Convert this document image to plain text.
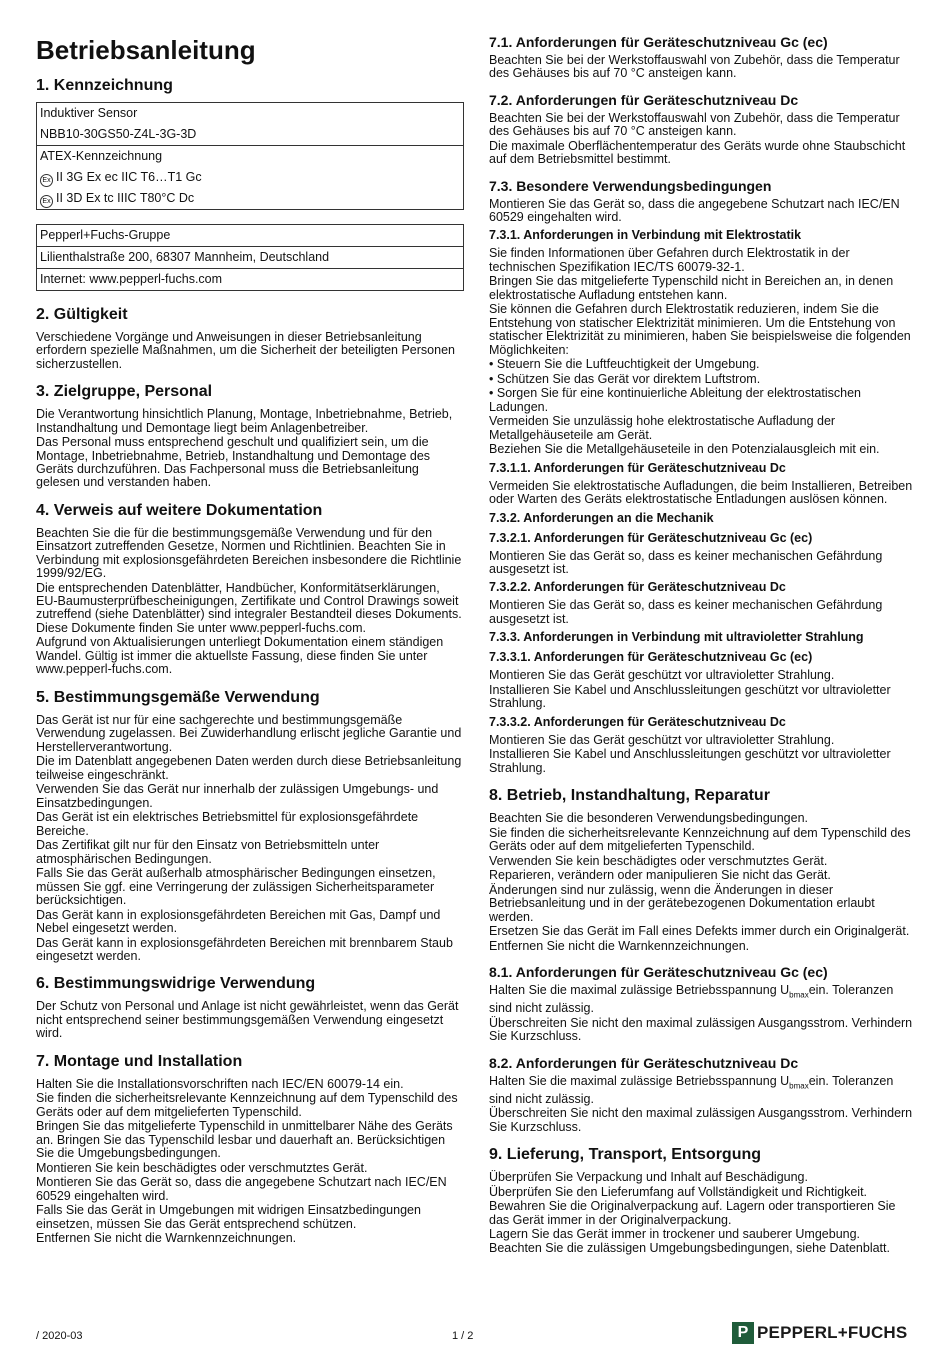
Betriebsanleitung
1. Kennzeichnung
Induktiver Sensor
NBB10-30GS50-Z4L-3G-3D
ATEX-Kennzeichnung
Ex II 3G Ex ec IIC T6…T1 Gc
Ex II 3D Ex tc IIIC T80°C Dc
Pepperl+Fuchs-Gruppe
Lilienthalstraße 200, 68307 Mannheim, Deutschland
Internet: www.pepperl-fuchs.com
2. Gültigkeit

Verschiedene Vorgänge und Anweisungen in dieser Betriebsanleitung erfordern spezielle Maßnahmen, um die Sicherheit der beteiligten Personen sicherzustellen.

3. Zielgruppe, Personal

Die Verantwortung hinsichtlich Planung, Montage, Inbetriebnahme, Betrieb, Instandhaltung und Demontage liegt beim Anlagenbetreiber.

Das Personal muss entsprechend geschult und qualifiziert sein, um die Montage, Inbetriebnahme, Betrieb, Instandhaltung und Demontage des Geräts durchzuführen. Das Fachpersonal muss die Betriebsanleitung gelesen und verstanden haben.

4. Verweis auf weitere Dokumentation

Beachten Sie die für die bestimmungsgemäße Verwendung und für den Einsatzort zutreffenden Gesetze, Normen und Richtlinien. Beachten Sie in Verbindung mit explosionsgefährdeten Bereichen insbesondere die Richtlinie 1999/92/EG.

Die entsprechenden Datenblätter, Handbücher, Konformitätserklärungen, EU-Baumusterprüfbescheinigungen, Zertifikate und Control Drawings soweit zutreffend (siehe Datenblätter) sind integraler Bestandteil dieses Dokuments. Diese Dokumente finden Sie unter www.pepperl-fuchs.com.

Aufgrund von Aktualisierungen unterliegt Dokumentation einem ständigen Wandel. Gültig ist immer die aktuellste Fassung, diese finden Sie unter www.pepperl-fuchs.com.

5. Bestimmungsgemäße Verwendung

Das Gerät ist nur für eine sachgerechte und bestimmungsgemäße Verwendung zugelassen. Bei Zuwiderhandlung erlischt jegliche Garantie und Herstellerverantwortung.

Die im Datenblatt angegebenen Daten werden durch diese Betriebsanleitung teilweise eingeschränkt.

Verwenden Sie das Gerät nur innerhalb der zulässigen Umgebungs- und Einsatzbedingungen.

Das Gerät ist ein elektrisches Betriebsmittel für explosionsgefährdete Bereiche.

Das Zertifikat gilt nur für den Einsatz von Betriebsmitteln unter atmosphärischen Bedingungen.

Falls Sie das Gerät außerhalb atmosphärischer Bedingungen einsetzen, müssen Sie ggf. eine Verringerung der zulässigen Sicherheitsparameter berücksichtigen.

Das Gerät kann in explosionsgefährdeten Bereichen mit Gas, Dampf und Nebel eingesetzt werden.

Das Gerät kann in explosionsgefährdeten Bereichen mit brennbarem Staub eingesetzt werden.

6. Bestimmungswidrige Verwendung

Der Schutz von Personal und Anlage ist nicht gewährleistet, wenn das Gerät nicht entsprechend seiner bestimmungsgemäßen Verwendung eingesetzt wird.

7. Montage und Installation

Halten Sie die Installationsvorschriften nach IEC/EN 60079-14 ein.

Sie finden die sicherheitsrelevante Kennzeichnung auf dem Typenschild des Geräts oder auf dem mitgelieferten Typenschild.

Bringen Sie das mitgelieferte Typenschild in unmittelbarer Nähe des Geräts an. Bringen Sie das Typenschild lesbar und dauerhaft an. Berücksichtigen Sie die Umgebungsbedingungen.

Montieren Sie kein beschädigtes oder verschmutztes Gerät.

Montieren Sie das Gerät so, dass die angegebene Schutzart nach IEC/EN 60529 eingehalten wird.

Falls Sie das Gerät in Umgebungen mit widrigen Einsatzbedingungen einsetzen, müssen Sie das Gerät entsprechend schützen.

Entfernen Sie nicht die Warnkennzeichnungen.

7.1. Anforderungen für Geräteschutzniveau Gc (ec)

Beachten Sie bei der Werkstoffauswahl von Zubehör, dass die Temperatur des Gehäuses bis auf 70 °C ansteigen kann.

7.2. Anforderungen für Geräteschutzniveau Dc

Beachten Sie bei der Werkstoffauswahl von Zubehör, dass die Temperatur des Gehäuses bis auf 70 °C ansteigen kann.

Die maximale Oberflächentemperatur des Geräts wurde ohne Staubschicht auf dem Betriebsmittel bestimmt.

7.3. Besondere Verwendungsbedingungen

Montieren Sie das Gerät so, dass die angegebene Schutzart nach IEC/EN 60529 eingehalten wird.

7.3.1. Anforderungen in Verbindung mit Elektrostatik

Sie finden Informationen über Gefahren durch Elektrostatik in der technischen Spezifikation IEC/TS 60079-32-1.

Bringen Sie das mitgelieferte Typenschild nicht in Bereichen an, in denen elektrostatische Aufladung entstehen kann.

Sie können die Gefahren durch Elektrostatik reduzieren, indem Sie die Entstehung von statischer Elektrizität minimieren. Um die Entstehung von statischer Elektrizität zu minimieren, haben Sie beispielsweise die folgenden Möglichkeiten:

• Steuern Sie die Luftfeuchtigkeit der Umgebung.

• Schützen Sie das Gerät vor direktem Luftstrom.

• Sorgen Sie für eine kontinuierliche Ableitung der elektrostatischen Ladungen.

Vermeiden Sie unzulässig hohe elektrostatische Aufladung der Metallgehäuseteile am Gerät.

Beziehen Sie die Metallgehäuseteile in den Potenzialausgleich mit ein.

7.3.1.1. Anforderungen für Geräteschutzniveau Dc

Vermeiden Sie elektrostatische Aufladungen, die beim Installieren, Betreiben oder Warten des Geräts elektrostatische Entladungen auslösen können.

7.3.2. Anforderungen an die Mechanik
7.3.2.1. Anforderungen für Geräteschutzniveau Gc (ec)

Montieren Sie das Gerät so, dass es keiner mechanischen Gefährdung ausgesetzt ist.

7.3.2.2. Anforderungen für Geräteschutzniveau Dc

Montieren Sie das Gerät so, dass es keiner mechanischen Gefährdung ausgesetzt ist.

7.3.3. Anforderungen in Verbindung mit ultravioletter Strahlung
7.3.3.1. Anforderungen für Geräteschutzniveau Gc (ec)

Montieren Sie das Gerät geschützt vor ultravioletter Strahlung.

Installieren Sie Kabel und Anschlussleitungen geschützt vor ultravioletter Strahlung.

7.3.3.2. Anforderungen für Geräteschutzniveau Dc

Montieren Sie das Gerät geschützt vor ultravioletter Strahlung.

Installieren Sie Kabel und Anschlussleitungen geschützt vor ultravioletter Strahlung.

8. Betrieb, Instandhaltung, Reparatur

Beachten Sie die besonderen Verwendungsbedingungen.

Sie finden die sicherheitsrelevante Kennzeichnung auf dem Typenschild des Geräts oder auf dem mitgelieferten Typenschild.

Verwenden Sie kein beschädigtes oder verschmutztes Gerät.

Reparieren, verändern oder manipulieren Sie nicht das Gerät.

Änderungen sind nur zulässig, wenn die Änderungen in dieser Betriebsanleitung und in der gerätebezogenen Dokumentation erlaubt werden.

Ersetzen Sie das Gerät im Fall eines Defekts immer durch ein Originalgerät.

Entfernen Sie nicht die Warnkennzeichnungen.

8.1. Anforderungen für Geräteschutzniveau Gc (ec)

Halten Sie die maximal zulässige Betriebsspannung $U_{bmax}ein$. Toleranzen sind nicht zulässig.

Überschreiten Sie nicht den maximal zulässigen Ausgangsstrom. Verhindern Sie Kurzschluss.

8.2. Anforderungen für Geräteschutzniveau Dc

Halten Sie die maximal zulässige Betriebsspannung $U_{bmax}ein$. Toleranzen sind nicht zulässig.

Überschreiten Sie nicht den maximal zulässigen Ausgangsstrom. Verhindern Sie Kurzschluss.

9. Lieferung, Transport, Entsorgung

Überprüfen Sie Verpackung und Inhalt auf Beschädigung.

Überprüfen Sie den Lieferumfang auf Vollständigkeit und Richtigkeit.

Bewahren Sie die Originalverpackung auf. Lagern oder transportieren Sie das Gerät immer in der Originalverpackung.

Lagern Sie das Gerät immer in trockener und sauberer Umgebung. Beachten Sie die zulässigen Umgebungsbedingungen, siehe Datenblatt.

/ 2020-03	1 / 2	P PEPPERL+FUCHS
